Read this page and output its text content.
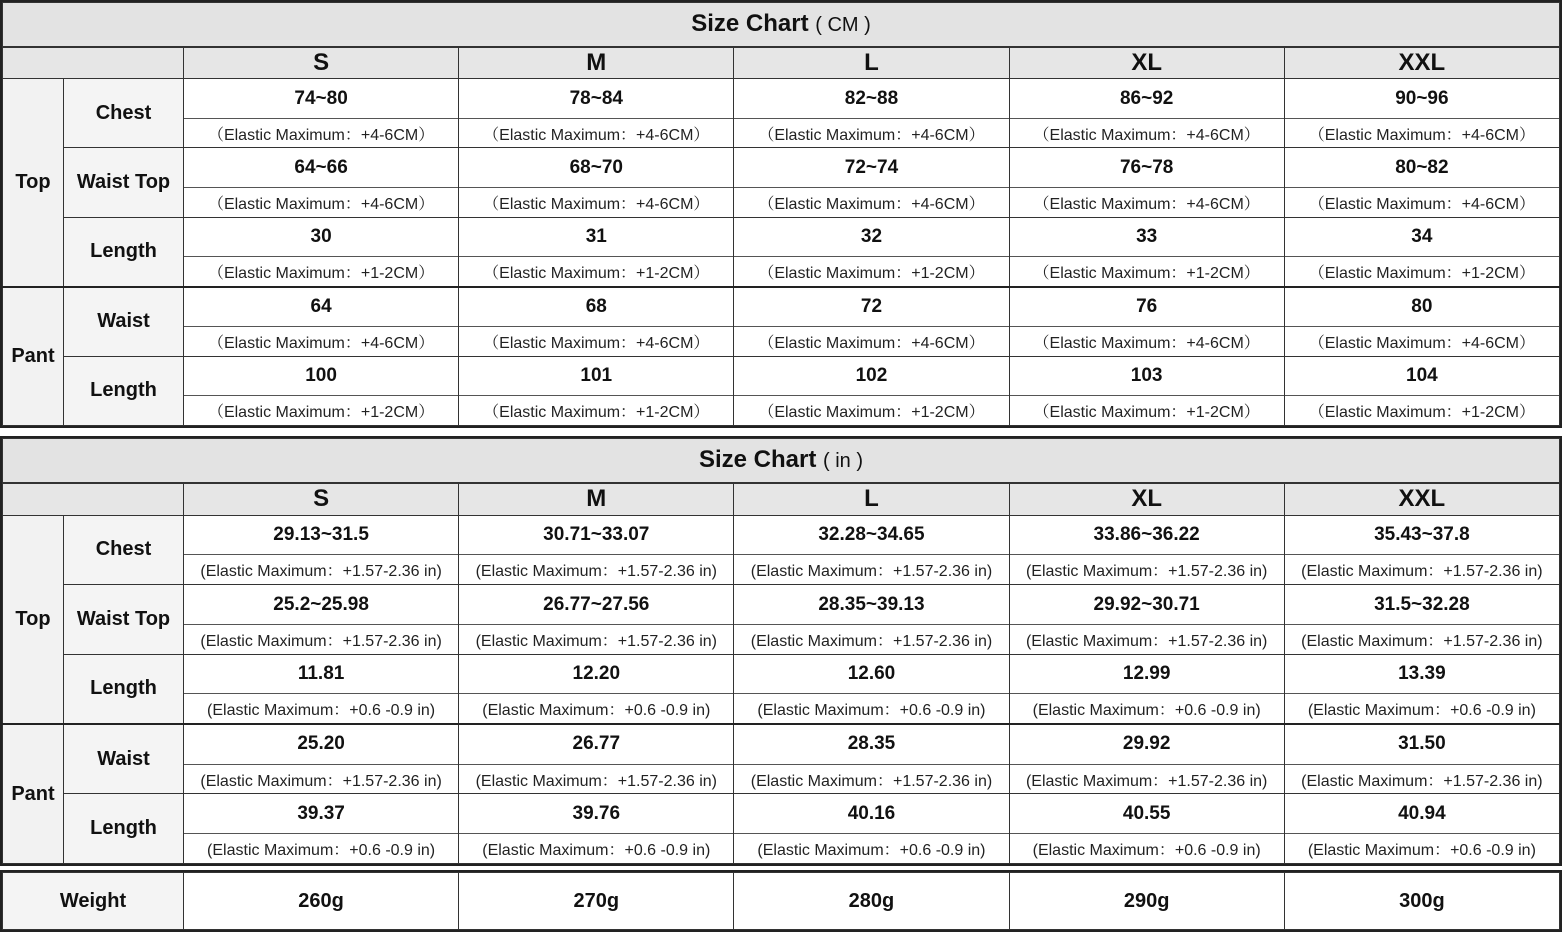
Size Chart ( CM )						
		S	M	L	XL	XXL
Top	Chest	74~80	78~84	82~88	86~92	90~96
		（Elastic Maximum：+4-6CM）	（Elastic Maximum：+4-6CM）	（Elastic Maximum：+4-6CM）	（Elastic Maximum：+4-6CM）	（Elastic Maximum：+4-6CM）
	Waist Top	64~66	68~70	72~74	76~78	80~82
		（Elastic Maximum：+4-6CM）	（Elastic Maximum：+4-6CM）	（Elastic Maximum：+4-6CM）	（Elastic Maximum：+4-6CM）	（Elastic Maximum：+4-6CM）
	Length	30	31	32	33	34
		（Elastic Maximum：+1-2CM）	（Elastic Maximum：+1-2CM）	（Elastic Maximum：+1-2CM）	（Elastic Maximum：+1-2CM）	（Elastic Maximum：+1-2CM）
Pant	Waist	64	68	72	76	80
		（Elastic Maximum：+4-6CM）	（Elastic Maximum：+4-6CM）	（Elastic Maximum：+4-6CM）	（Elastic Maximum：+4-6CM）	（Elastic Maximum：+4-6CM）
	Length	100	101	102	103	104
		（Elastic Maximum：+1-2CM）	（Elastic Maximum：+1-2CM）	（Elastic Maximum：+1-2CM）	（Elastic Maximum：+1-2CM）	（Elastic Maximum：+1-2CM）
Size Chart ( in )						
		S	M	L	XL	XXL
Top	Chest	29.13~31.5	30.71~33.07	32.28~34.65	33.86~36.22	35.43~37.8
		(Elastic Maximum：+1.57-2.36 in)	(Elastic Maximum：+1.57-2.36 in)	(Elastic Maximum：+1.57-2.36 in)	(Elastic Maximum：+1.57-2.36 in)	(Elastic Maximum：+1.57-2.36 in)
	Waist Top	25.2~25.98	26.77~27.56	28.35~39.13	29.92~30.71	31.5~32.28
		(Elastic Maximum：+1.57-2.36 in)	(Elastic Maximum：+1.57-2.36 in)	(Elastic Maximum：+1.57-2.36 in)	(Elastic Maximum：+1.57-2.36 in)	(Elastic Maximum：+1.57-2.36 in)
	Length	11.81	12.20	12.60	12.99	13.39
		(Elastic Maximum：+0.6 -0.9 in)	(Elastic Maximum：+0.6 -0.9 in)	(Elastic Maximum：+0.6 -0.9 in)	(Elastic Maximum：+0.6 -0.9 in)	(Elastic Maximum：+0.6 -0.9 in)
Pant	Waist	25.20	26.77	28.35	29.92	31.50
		(Elastic Maximum：+1.57-2.36 in)	(Elastic Maximum：+1.57-2.36 in)	(Elastic Maximum：+1.57-2.36 in)	(Elastic Maximum：+1.57-2.36 in)	(Elastic Maximum：+1.57-2.36 in)
	Length	39.37	39.76	40.16	40.55	40.94
		(Elastic Maximum：+0.6 -0.9 in)	(Elastic Maximum：+0.6 -0.9 in)	(Elastic Maximum：+0.6 -0.9 in)	(Elastic Maximum：+0.6 -0.9 in)	(Elastic Maximum：+0.6 -0.9 in)
Weight	260g	270g	280g	290g	300g
